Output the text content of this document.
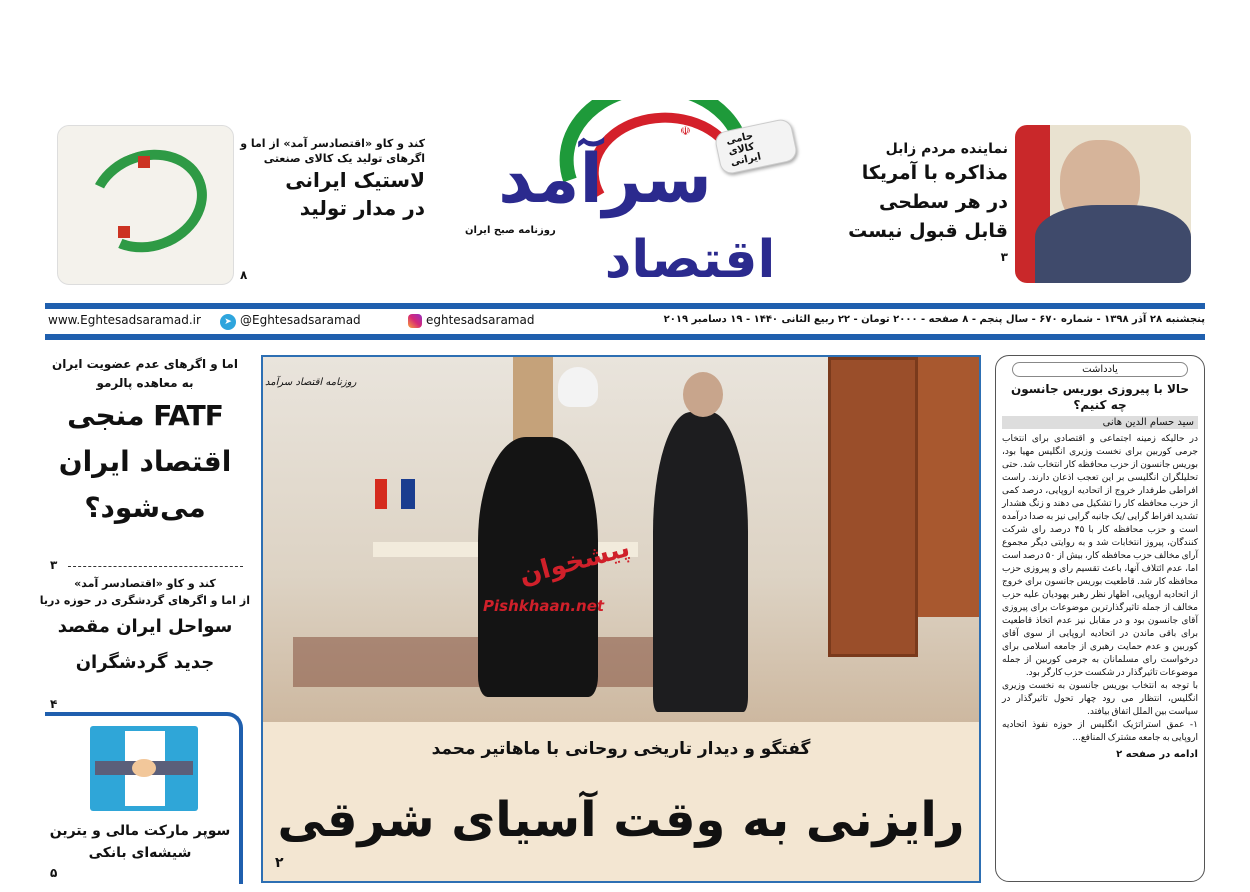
☫
سرآمد
روزنامه صبح ایران اقتصاد
حامی کالای ایرانی
نماینده مردم زابل
مذاکره با آمریکا
در هر سطحی
قابل قبول نیست
۳
کند و کاو «اقتصادسر آمد» از اما و
اگرهای تولید یک کالای صنعتی
لاستیک ایرانی
در مدار تولید
۸
www.Eghtesadsaramad.ir	➤ @Eghtesadsaramad	eghtesadsaramad	پنجشنبه ۲۸ آذر ۱۳۹۸ - شماره ۶۷۰ - سال پنجم - ۸ صفحه - ۲۰۰۰ تومان - ۲۲ ربیع الثانی ۱۴۴۰ - ۱۹ دسامبر ۲۰۱۹
اما و اگرهای عدم عضویت ایران
به معاهده پالرمو
FATF منجی
اقتصاد ایران
می‌شود؟
۳
کند و کاو «اقتصادسر آمد»
از اما و اگرهای گردشگری در حوزه دریا
سواحل ایران مقصد
جدید گردشگران
۴
سوپر مارکت مالی و یترین
شیشه‌ای بانکی
۵
روزنامه اقتصاد سرآمد
پیشخوان
Pishkhaan.net
گفتگو و دیدار تاریخی روحانی با ماهاتیر محمد
رایزنی به وقت آسیای شرقی
۲
یادداشت
حالا با پیروزی بوریس جانسون چه کنیم؟
سید حسام الدین هانی

در حالیکه زمینه اجتماعی و اقتصادی برای انتخاب جرمی کوربین برای نخست وزیری انگلیس مهیا بود، بوریس جانسون از حزب محافظه کار انتخاب شد. حتی تحلیلگران انگلیسی بر این تعجب اذعان دارند. راست افراطی طرفدار خروج از اتحادیه اروپایی، درصد کمی از حزب محافظه کار را تشکیل می دهند و زنگ هشدار تشدید افراط گرایی /یک جانبه گرایی نیز به صدا درآمده است و حزب محافظه کار با ۴۵ درصد رای شرکت کنندگان، پیروز انتخابات شد و به روایتی دیگر مجموع آرای مخالف حزب محافظه کار، بیش از ۵۰ درصد است اما، عدم ائتلاف آنها، باعث تقسیم رای و پیروزی حزب محافظه کار شد. قاطعیت بوریس جانسون برای خروج از اتحادیه اروپایی، اظهار نظر رهبر یهودیان علیه حزب مخالف از جمله تاثیرگذارترین موضوعات برای پیروزی آقای جانسون بود و در مقابل نیز عدم اتخاذ قاطعیت برای باقی ماندن در اتحادیه اروپایی از سوی آقای کوربین و عدم حمایت رهبری از جامعه اسلامی برای درخواست رای مسلمانان به جرمی کوربین از جمله موضوعات تاثیرگذار در شکست حزب کارگر بود.

با توجه به انتخاب بوریس جانسون به نخست وزیری انگلیس، انتظار می رود چهار تحول تاثیرگذار در سیاست بین الملل اتفاق بیافتد.

۱- عمق استراتژیک انگلیس از حوزه نفوذ اتحادیه اروپایی به جامعه مشترک المنافع...

ادامه در صفحه ۲
